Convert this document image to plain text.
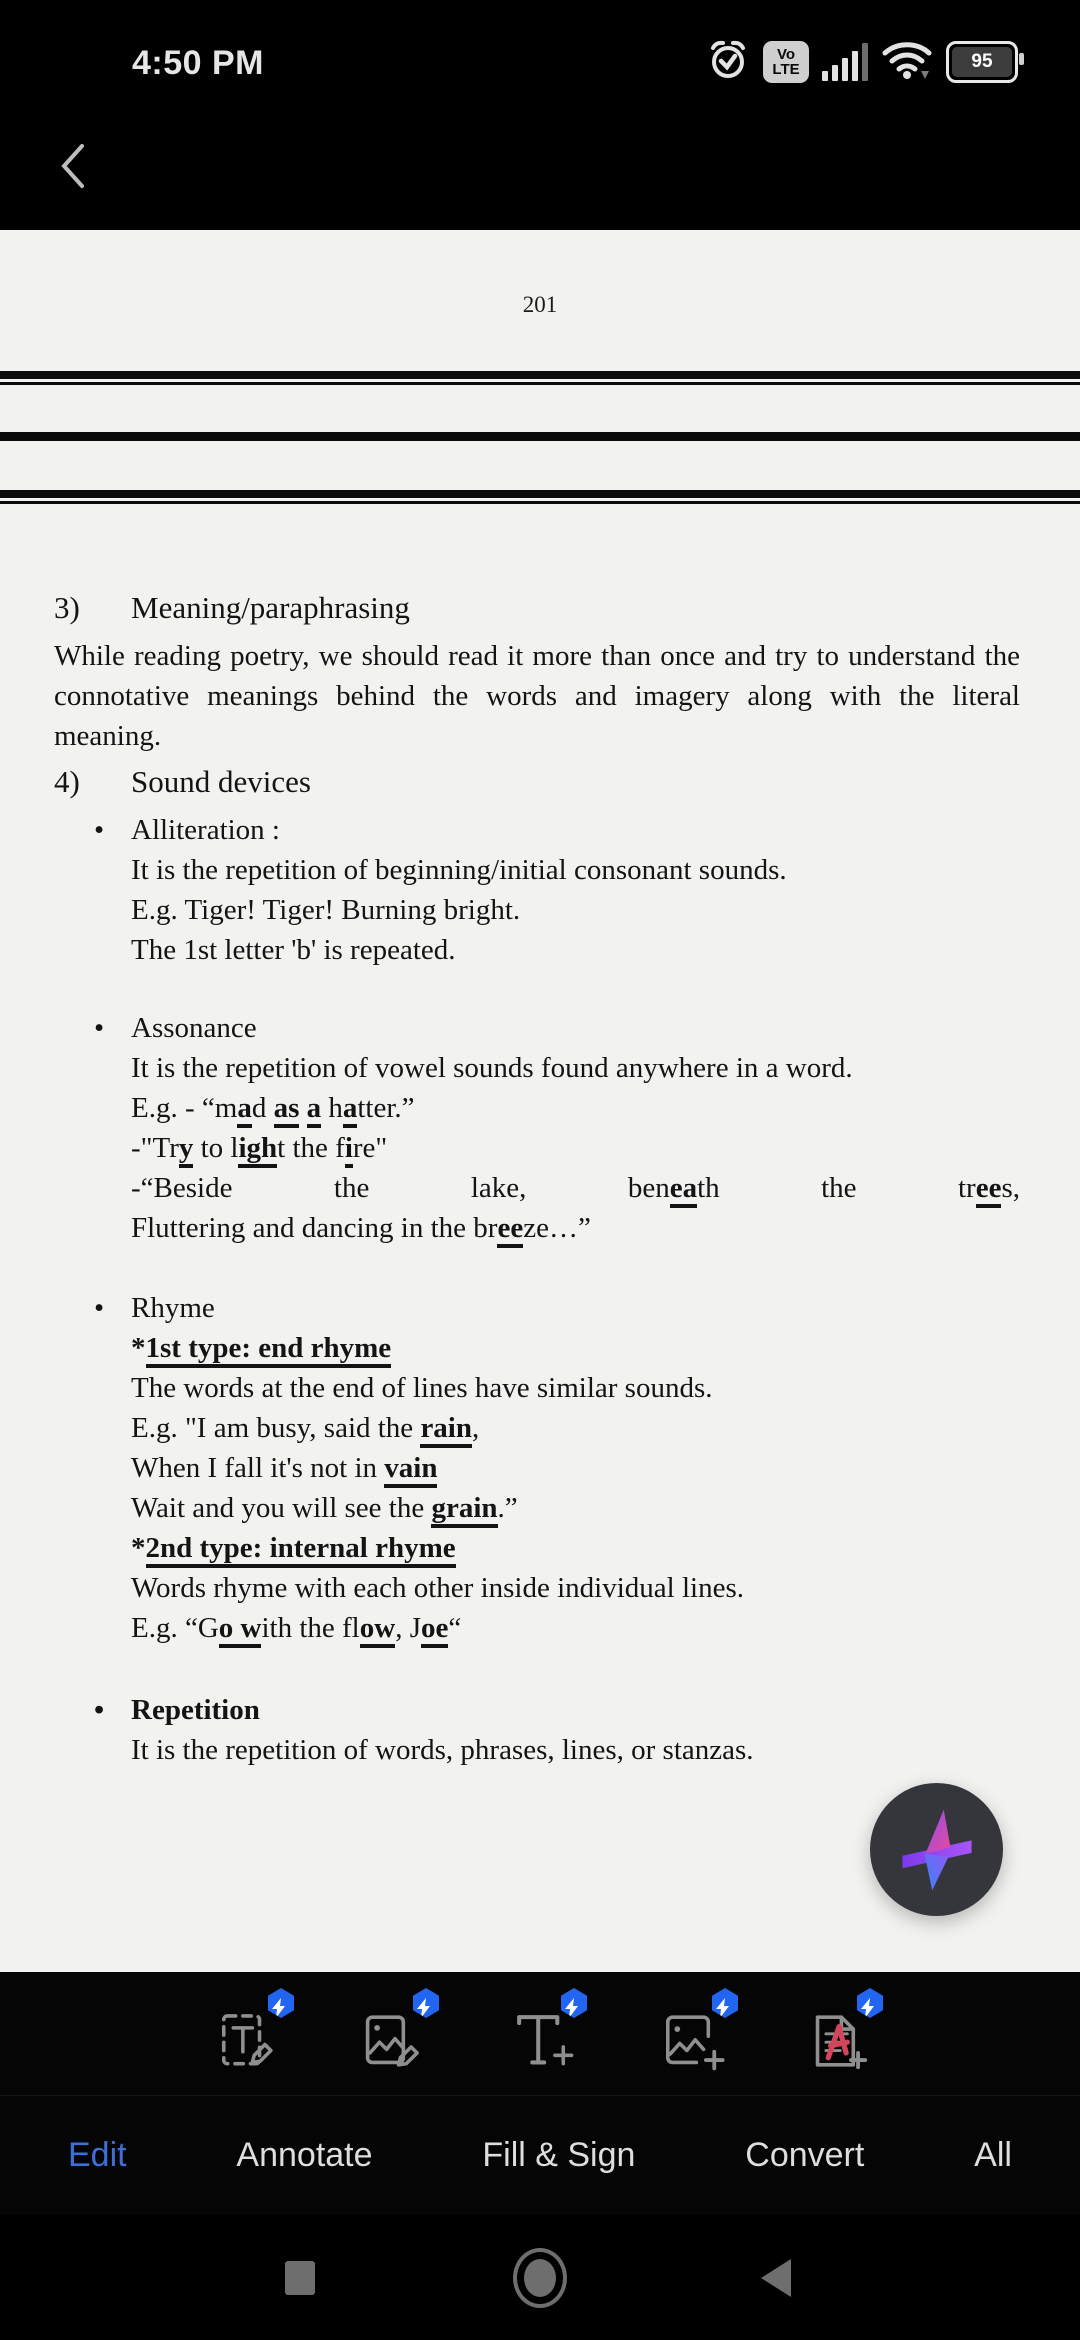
4:50 PM	Vo
LTE	95
201
3) Meaning/paraphrasing
While reading poetry, we should read it more than once and try to understand the
connotative meanings behind the words and imagery along with the literal
meaning.
4) Sound devices
• Alliteration :
It is the repetition of beginning/initial consonant sounds.
E.g. Tiger! Tiger! Burning bright.
The 1st letter 'b' is repeated.
• Assonance
It is the repetition of vowel sounds found anywhere in a word.
E.g. - “mad as a hatter.”
-"Try to light the fire"
-“Beside	the	lake,	beneath	the	trees,
Fluttering and dancing in the breeze…”
• Rhyme
*1st type: end rhyme
The words at the end of lines have similar sounds.
E.g. "I am busy, said the rain,
When I fall it's not in vain
Wait and you will see the grain.”
*2nd type: internal rhyme
Words rhyme with each other inside individual lines.
E.g. “Go with the flow, Joe“
• Repetition
It is the repetition of words, phrases, lines, or stanzas.
Edit	Annotate	Fill & Sign	Convert	All
